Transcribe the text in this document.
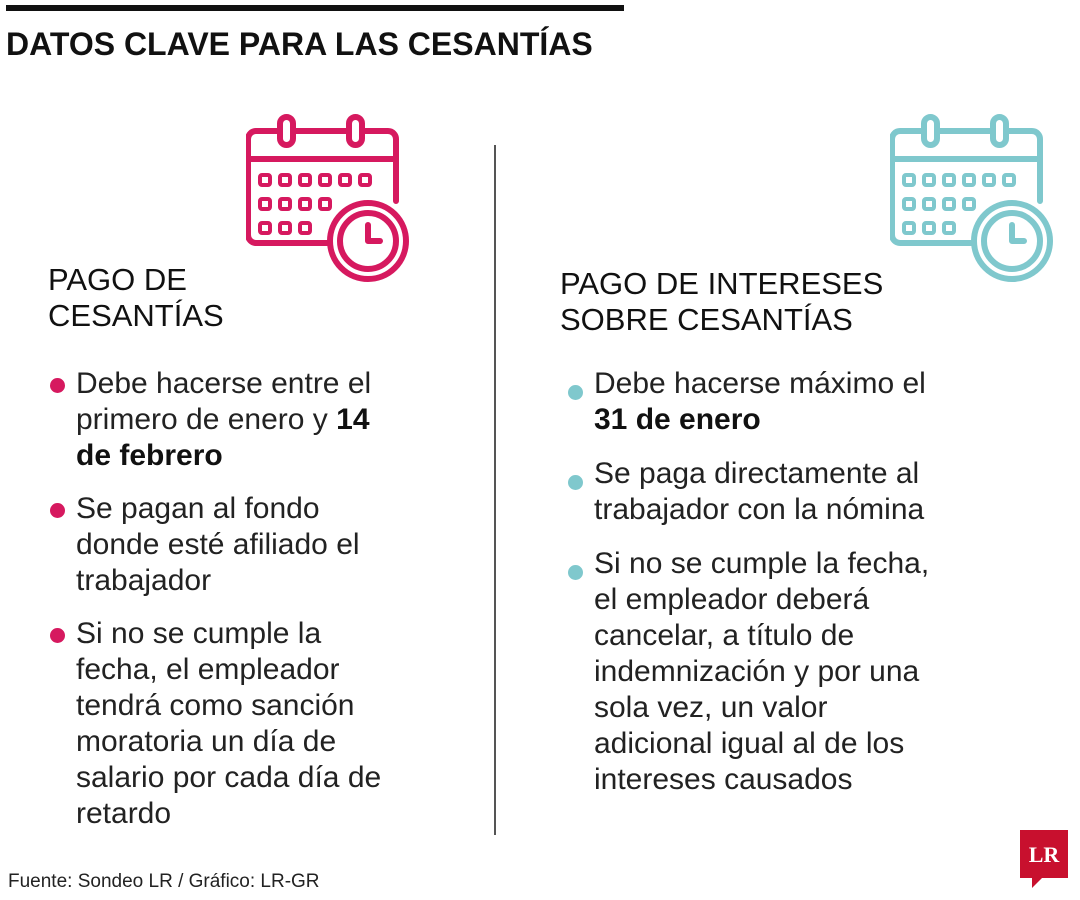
DATOS CLAVE PARA LAS CESANTÍAS
PAGO DE
CESANTÍAS
Debe hacerse entre el
primero de enero y 14
de febrero
Se pagan al fondo
donde esté afiliado el
trabajador
Si no se cumple la
fecha, el empleador
tendrá como sanción
moratoria un día de
salario por cada día de
retardo
PAGO DE INTERESES
SOBRE CESANTÍAS
Debe hacerse máximo el
31 de enero
Se paga directamente al
trabajador con la nómina
Si no se cumple la fecha,
el empleador deberá
cancelar, a título de
indemnización y por una
sola vez, un valor
adicional igual al de los
intereses causados
Fuente: Sondeo LR / Gráfico: LR-GR
LR
